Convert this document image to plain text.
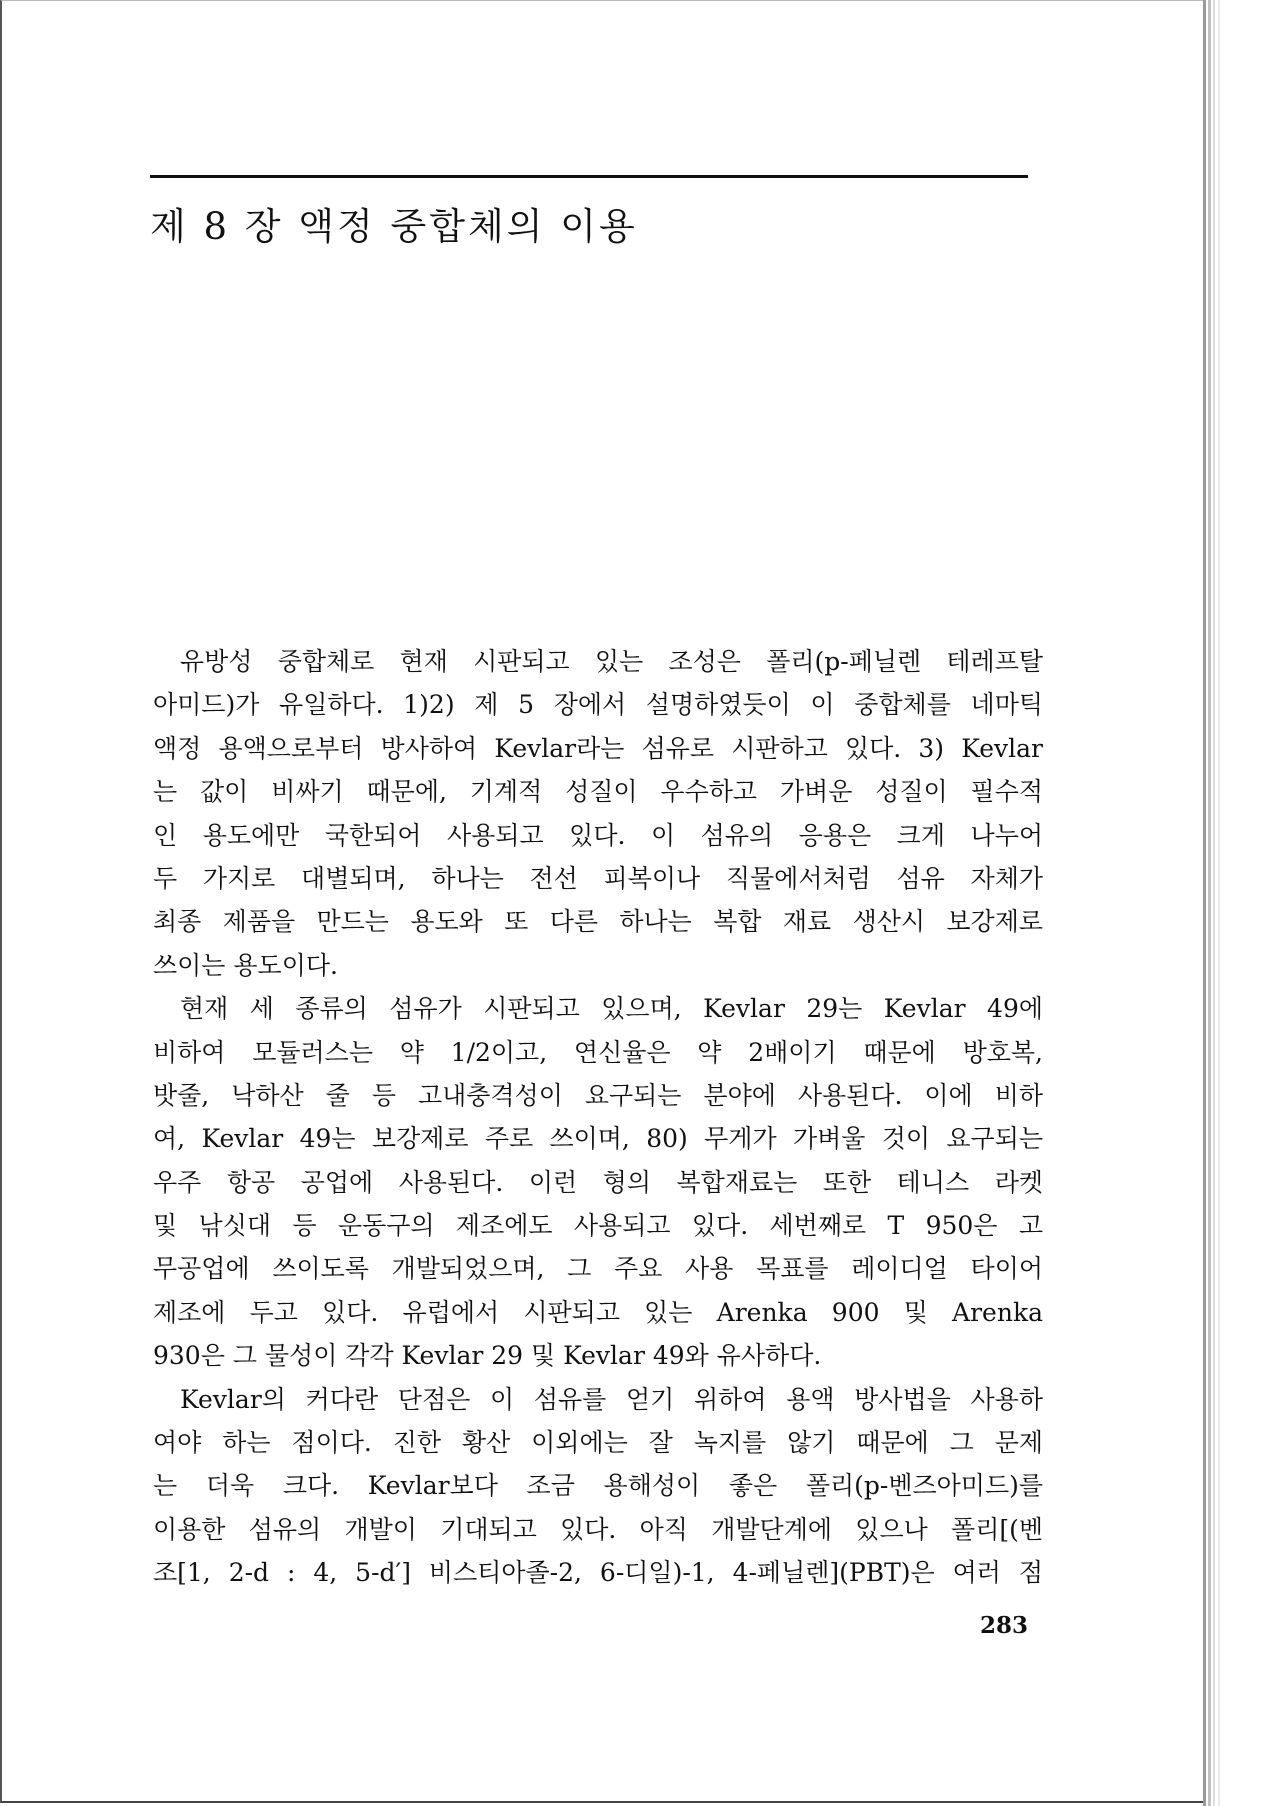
제 8 장 액정 중합체의 이용
유방성 중합체로 현재 시판되고 있는 조성은 폴리(p-페닐렌 테레프탈
아미드)가 유일하다. 1)2) 제 5 장에서 설명하였듯이 이 중합체를 네마틱
액정 용액으로부터 방사하여 Kevlar라는 섬유로 시판하고 있다. 3) Kevlar
는 값이 비싸기 때문에, 기계적 성질이 우수하고 가벼운 성질이 필수적
인 용도에만 국한되어 사용되고 있다. 이 섬유의 응용은 크게 나누어
두 가지로 대별되며, 하나는 전선 피복이나 직물에서처럼 섬유 자체가
최종 제품을 만드는 용도와 또 다른 하나는 복합 재료 생산시 보강제로
쓰이는 용도이다.
현재 세 종류의 섬유가 시판되고 있으며, Kevlar 29는 Kevlar 49에
비하여 모듈러스는 약 1/2이고, 연신율은 약 2배이기 때문에 방호복,
밧줄, 낙하산 줄 등 고내충격성이 요구되는 분야에 사용된다. 이에 비하
여, Kevlar 49는 보강제로 주로 쓰이며, 80) 무게가 가벼울 것이 요구되는
우주 항공 공업에 사용된다. 이런 형의 복합재료는 또한 테니스 라켓
및 낚싯대 등 운동구의 제조에도 사용되고 있다. 세번째로 T 950은 고
무공업에 쓰이도록 개발되었으며, 그 주요 사용 목표를 레이디얼 타이어
제조에 두고 있다. 유럽에서 시판되고 있는 Arenka 900 및 Arenka
930은 그 물성이 각각 Kevlar 29 및 Kevlar 49와 유사하다.
Kevlar의 커다란 단점은 이 섬유를 얻기 위하여 용액 방사법을 사용하
여야 하는 점이다. 진한 황산 이외에는 잘 녹지를 않기 때문에 그 문제
는 더욱 크다. Kevlar보다 조금 용해성이 좋은 폴리(p-벤즈아미드)를
이용한 섬유의 개발이 기대되고 있다. 아직 개발단계에 있으나 폴리[(벤
조[1, 2-d : 4, 5-d′] 비스티아졸-2, 6-디일)-1, 4-페닐렌](PBT)은 여러 점
283
